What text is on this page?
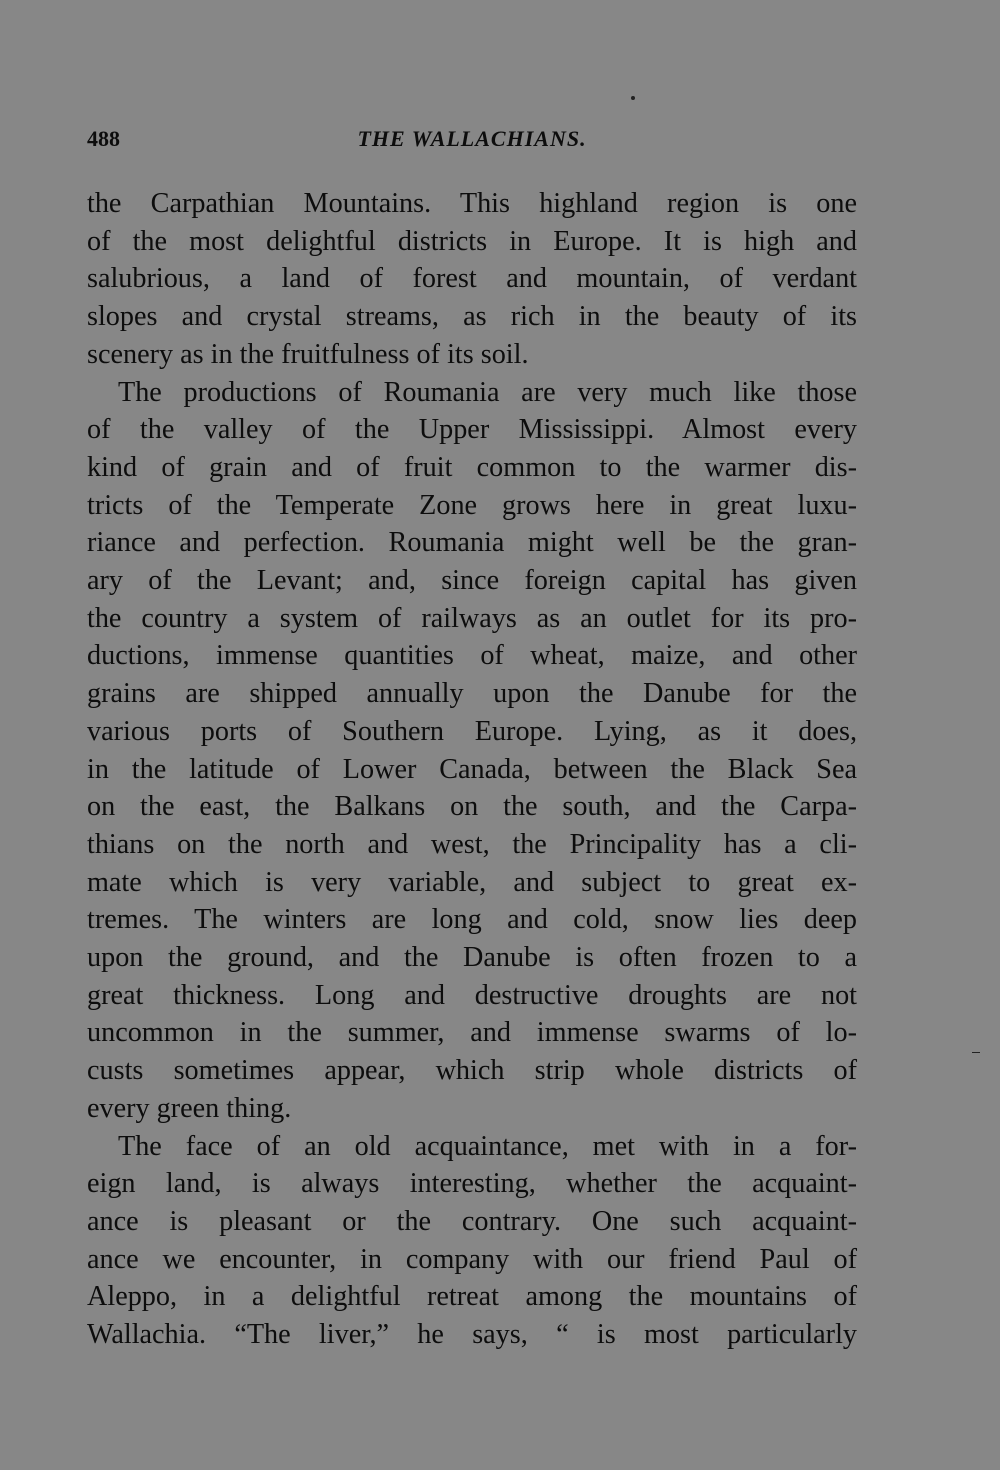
488	THE WALLACHIANS.
the Carpathian Mountains. This highland region is one
of the most delightful districts in Europe. It is high and
salubrious, a land of forest and mountain, of verdant
slopes and crystal streams, as rich in the beauty of its
scenery as in the fruitfulness of its soil.
The productions of Roumania are very much like those
of the valley of the Upper Mississippi. Almost every
kind of grain and of fruit common to the warmer dis-
tricts of the Temperate Zone grows here in great luxu-
riance and perfection. Roumania might well be the gran-
ary of the Levant; and, since foreign capital has given
the country a system of railways as an outlet for its pro-
ductions, immense quantities of wheat, maize, and other
grains are shipped annually upon the Danube for the
various ports of Southern Europe. Lying, as it does,
in the latitude of Lower Canada, between the Black Sea
on the east, the Balkans on the south, and the Carpa-
thians on the north and west, the Principality has a cli-
mate which is very variable, and subject to great ex-
tremes. The winters are long and cold, snow lies deep
upon the ground, and the Danube is often frozen to a
great thickness. Long and destructive droughts are not
uncommon in the summer, and immense swarms of lo-
custs sometimes appear, which strip whole districts of
every green thing.
The face of an old acquaintance, met with in a for-
eign land, is always interesting, whether the acquaint-
ance is pleasant or the contrary. One such acquaint-
ance we encounter, in company with our friend Paul of
Aleppo, in a delightful retreat among the mountains of
Wallachia. “The liver,” he says, “ is most particularly
